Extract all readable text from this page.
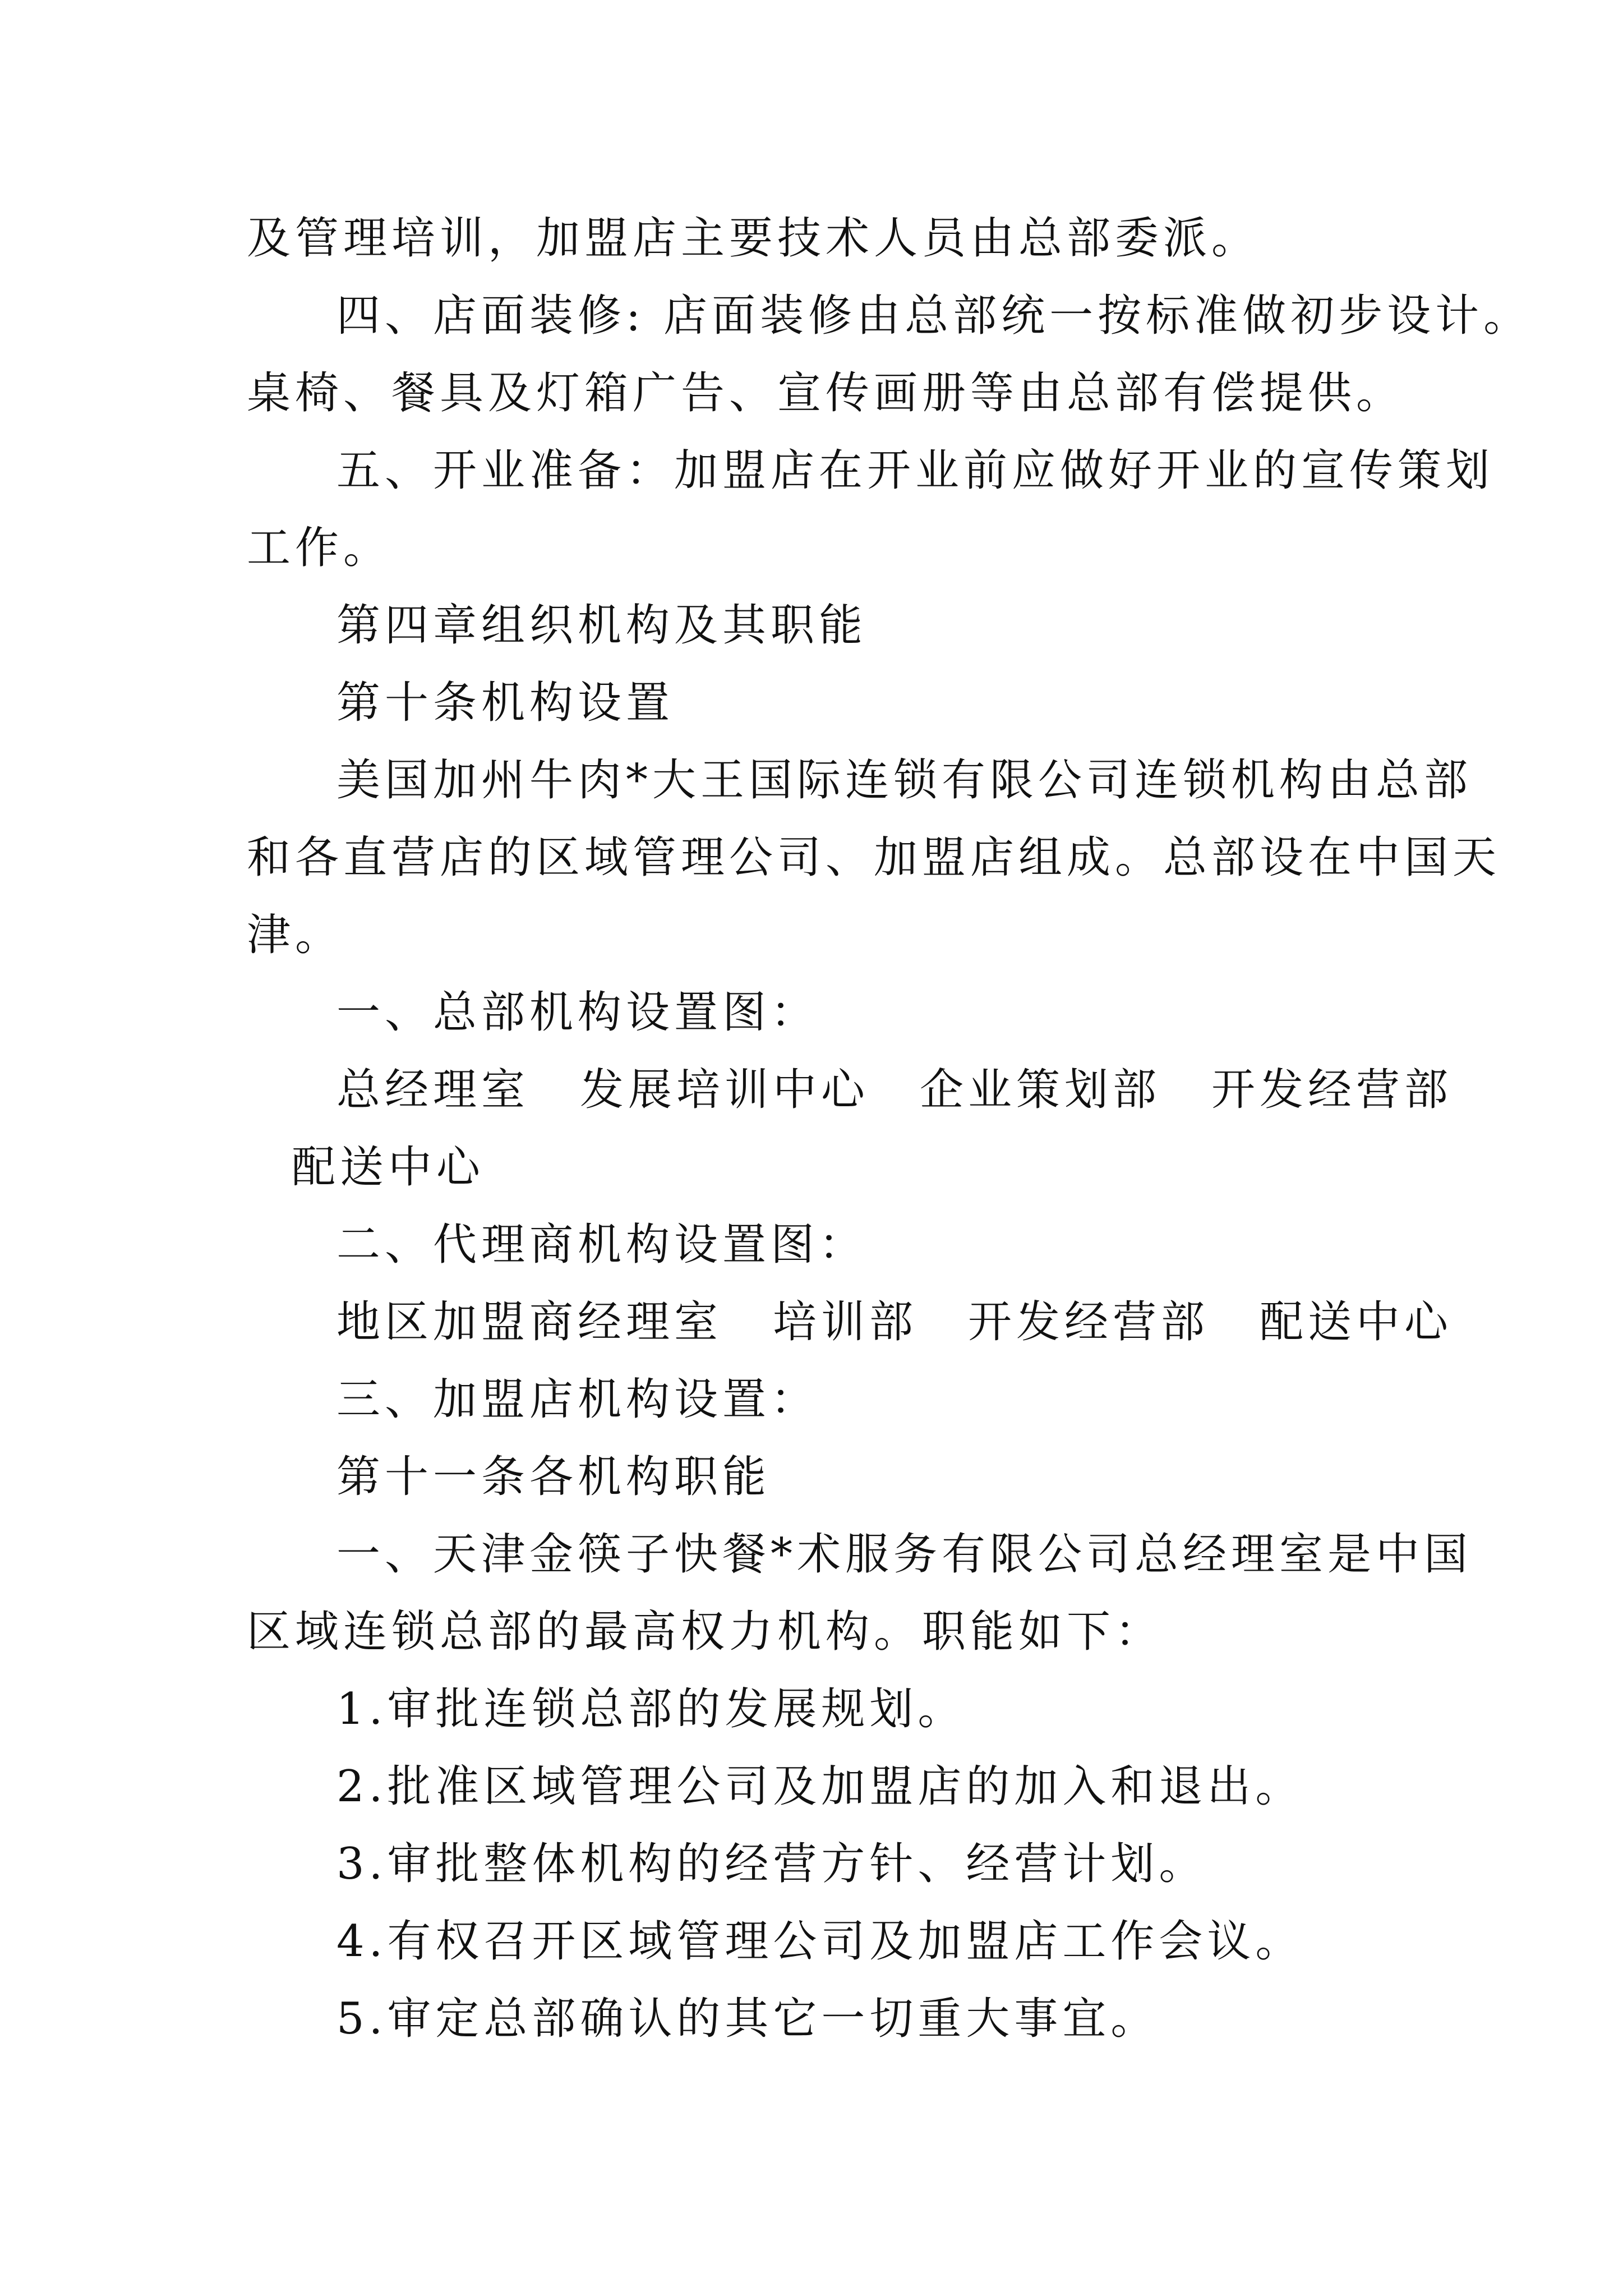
及管理培训，加盟店主要技术人员由总部委派。
四、店面装修: 店面装修由总部统一按标准做初步设计。
桌椅、餐具及灯箱广告、宣传画册等由总部有偿提供。
五、开业准备：加盟店在开业前应做好开业的宣传策划
工作。
第四章组织机构及其职能
第十条机构设置
美国加州牛肉*大王国际连锁有限公司连锁机构由总部
和各直营店的区域管理公司、加盟店组成。总部设在中国天
津。
一、总部机构设置图：
总经理室 发展培训中心 企业策划部 开发经营部
配送中心
二、代理商机构设置图：
地区加盟商经理室 培训部 开发经营部 配送中心
三、加盟店机构设置：
第十一条各机构职能
一、天津金筷子快餐*术服务有限公司总经理室是中国
区域连锁总部的最高权力机构。职能如下：
1.审批连锁总部的发展规划。
2.批准区域管理公司及加盟店的加入和退出。
3.审批整体机构的经营方针、经营计划。
4.有权召开区域管理公司及加盟店工作会议。
5.审定总部确认的其它一切重大事宜。
